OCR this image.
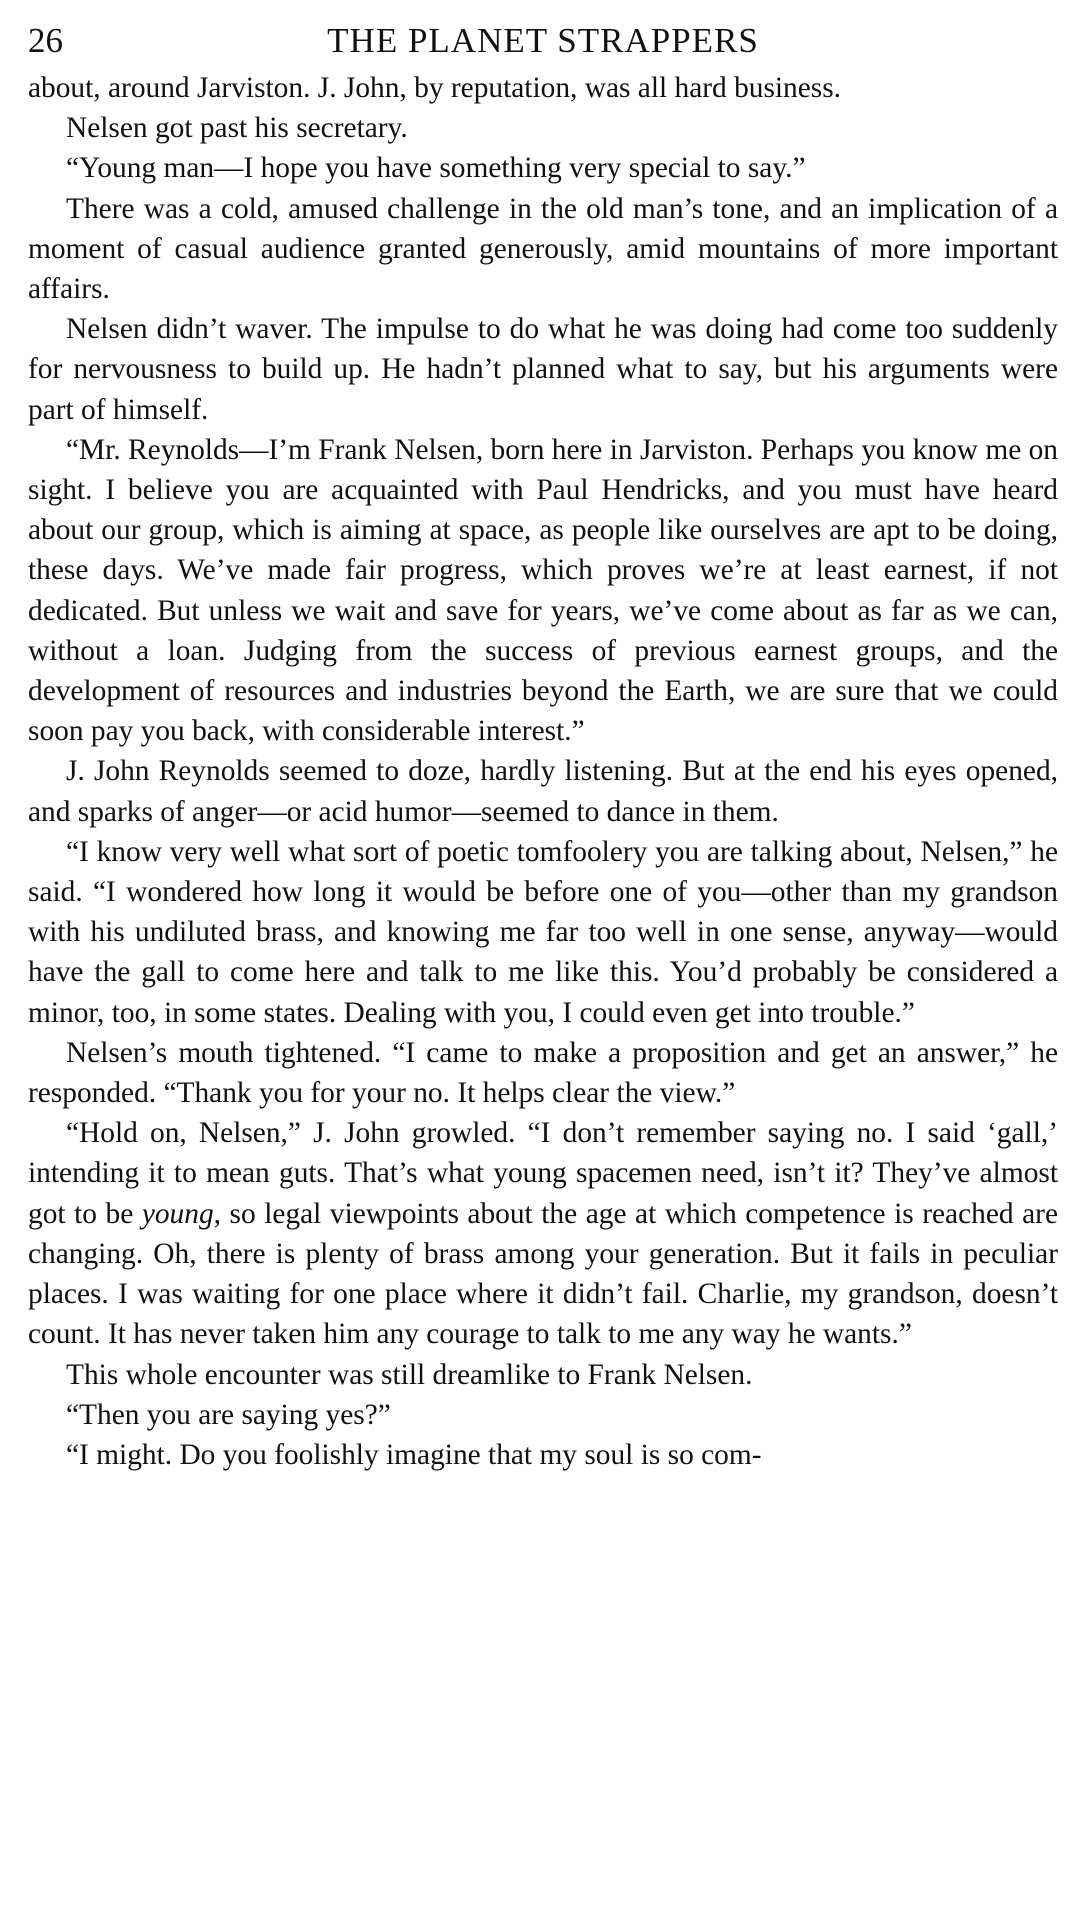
26	THE PLANET STRAPPERS

about, around Jarviston. J. John, by reputation, was all hard business.

Nelsen got past his secretary.

“Young man—I hope you have something very special to say.”

There was a cold, amused challenge in the old man’s tone, and an implication of a moment of casual audience granted generously, amid mountains of more important affairs.

Nelsen didn’t waver. The impulse to do what he was doing had come too suddenly for nervousness to build up. He hadn’t planned what to say, but his arguments were part of himself.

“Mr. Reynolds—I’m Frank Nelsen, born here in Jarviston. Perhaps you know me on sight. I believe you are acquainted with Paul Hendricks, and you must have heard about our group, which is aiming at space, as people like ourselves are apt to be doing, these days. We’ve made fair progress, which proves we’re at least earnest, if not dedicated. But unless we wait and save for years, we’ve come about as far as we can, without a loan. Judging from the success of previous earnest groups, and the development of resources and industries beyond the Earth, we are sure that we could soon pay you back, with considerable interest.”

J. John Reynolds seemed to doze, hardly listening. But at the end his eyes opened, and sparks of anger—or acid humor—seemed to dance in them.

“I know very well what sort of poetic tomfoolery you are talking about, Nelsen,” he said. “I wondered how long it would be before one of you—other than my grandson with his undiluted brass, and knowing me far too well in one sense, anyway—would have the gall to come here and talk to me like this. You’d probably be considered a minor, too, in some states. Dealing with you, I could even get into trouble.”

Nelsen’s mouth tightened. “I came to make a proposition and get an answer,” he responded. “Thank you for your no. It helps clear the view.”

“Hold on, Nelsen,” J. John growled. “I don’t remember saying no. I said ‘gall,’ intending it to mean guts. That’s what young spacemen need, isn’t it? They’ve almost got to be young, so legal viewpoints about the age at which competence is reached are changing. Oh, there is plenty of brass among your generation. But it fails in peculiar places. I was waiting for one place where it didn’t fail. Charlie, my grandson, doesn’t count. It has never taken him any courage to talk to me any way he wants.”

This whole encounter was still dreamlike to Frank Nelsen.

“Then you are saying yes?”

“I might. Do you foolishly imagine that my soul is so com-
